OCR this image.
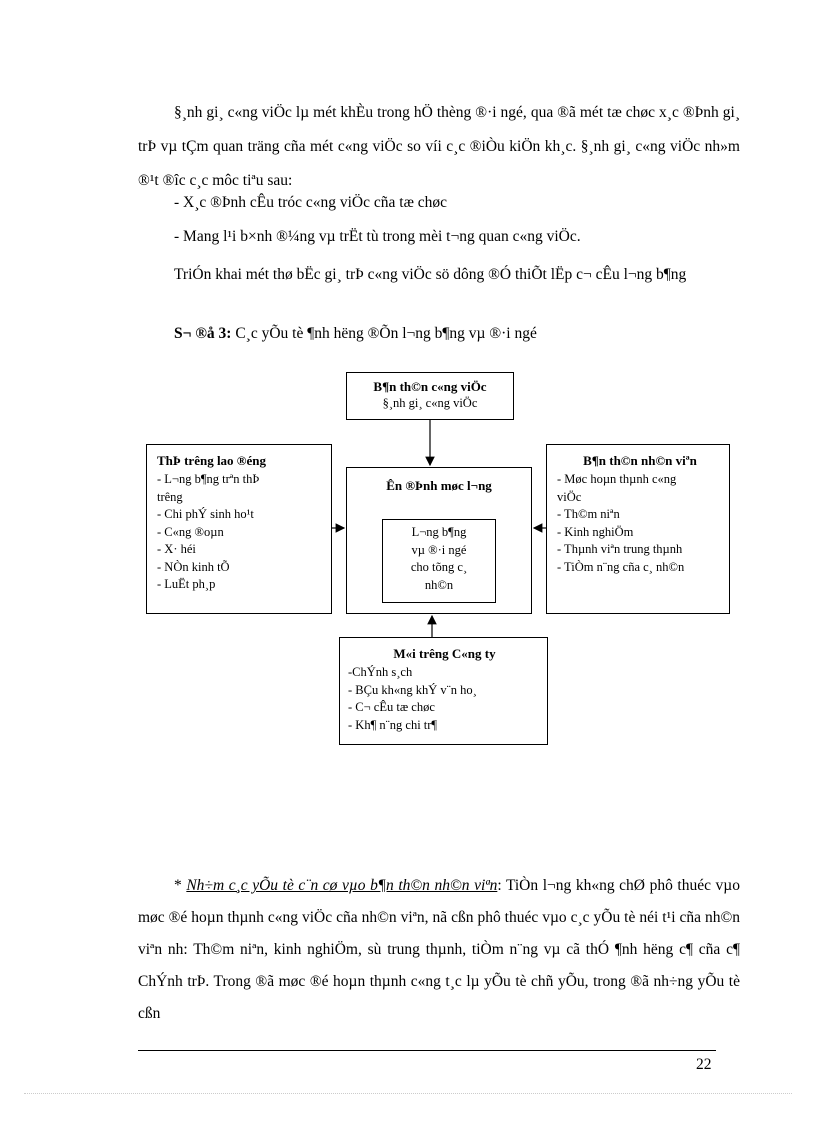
§¸nh gi¸ c«ng viÖc lµ mét khÈu trong hÖ thèng ®·i ngé, qua ®ã mét tæ chøc x¸c ®Þnh gi¸ trÞ vµ tÇm quan träng cña mét c«ng viÖc so víi c¸c ®iÒu kiÖn kh¸c. §¸nh gi¸ c«ng viÖc nh»m ®¹t ®îc c¸c môc tiªu sau:

- X¸c ®Þnh cÊu tróc c«ng viÖc cña tæ chøc
- Mang l¹i b×nh ®¼ng vµ trËt tù trong mèi t¬ng quan c«ng viÖc.

TriÓn khai mét thø bËc gi¸ trÞ c«ng viÖc sö dông ®Ó thiÕt lËp c¬ cÊu l¬ng b¶ng

S¬ ®å 3: C¸c yÕu tè ¶nh hëng ®Õn l¬ng b¶ng vµ ®·i ngé
B¶n th©n c«ng viÖc
§¸nh gi¸ c«ng viÖc
ThÞ trêng lao ®éng
- L¬ng b¶ng trªn thÞ
trêng
- Chi phÝ sinh ho¹t
- C«ng ®oµn
- X· héi
- NÒn kinh tÕ
- LuËt ph¸p
Ên ®Þnh møc l¬ng
L¬ng b¶ng
vµ ®·i ngé
cho tõng c¸
nh©n
B¶n th©n nh©n viªn
- Møc hoµn thµnh c«ng
viÖc
- Th©m niªn
- Kinh nghiÖm
- Thµnh viªn trung thµnh
- TiÒm n¨ng cña c¸ nh©n
M«i trêng C«ng ty
-ChÝnh s¸ch
- BÇu kh«ng khÝ v¨n ho¸
- C¬ cÊu tæ chøc
- Kh¶ n¨ng chi tr¶

* Nh÷m c¸c yÕu tè c¨n cø vµo b¶n th©n nh©n viªn: TiÒn l¬ng kh«ng chØ phô thuéc vµo møc ®é hoµn thµnh c«ng viÖc cña nh©n viªn, nã cßn phô thuéc vµo c¸c yÕu tè néi t¹i cña nh©n viªn nh: Th©m niªn, kinh nghiÖm, sù trung thµnh, tiÒm n¨ng vµ cã thÓ ¶nh hëng c¶ cña c¶ ChÝnh trÞ. Trong ®ã møc ®é hoµn thµnh c«ng t¸c lµ yÕu tè chñ yÕu, trong ®ã nh÷ng yÕu tè cßn

22
